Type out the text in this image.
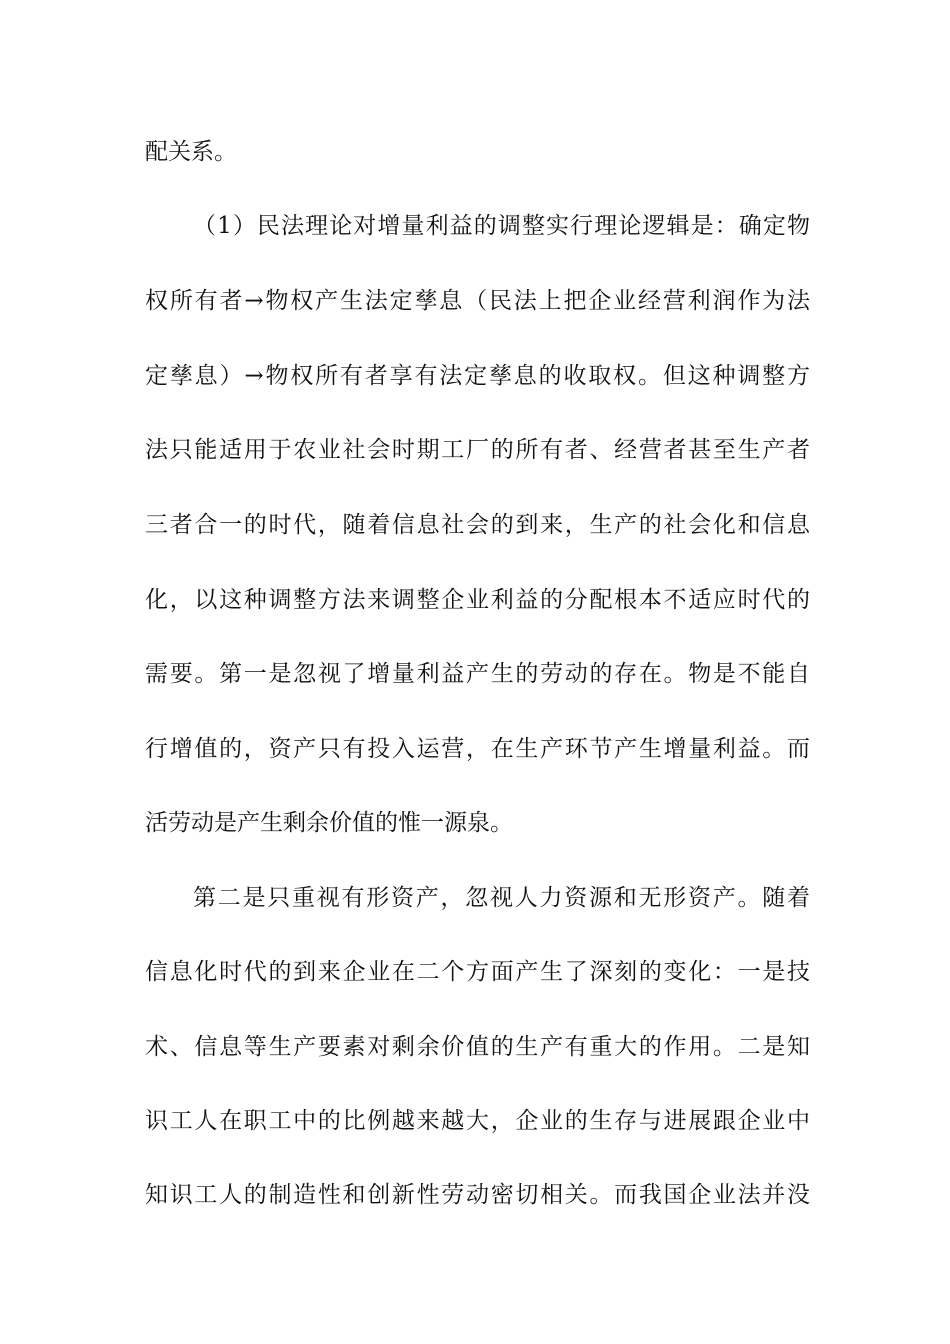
配关系。
（1）民法理论对增量利益的调整实行理论逻辑是：确定物
权所有者→物权产生法定孳息（民法上把企业经营利润作为法
定孳息）→物权所有者享有法定孳息的收取权。但这种调整方
法只能适用于农业社会时期工厂的所有者、经营者甚至生产者
三者合一的时代，随着信息社会的到来，生产的社会化和信息
化，以这种调整方法来调整企业利益的分配根本不适应时代的
需要。第一是忽视了增量利益产生的劳动的存在。物是不能自
行增值的，资产只有投入运营，在生产环节产生增量利益。而
活劳动是产生剩余价值的惟一源泉。
第二是只重视有形资产，忽视人力资源和无形资产。随着
信息化时代的到来企业在二个方面产生了深刻的变化：一是技
术、信息等生产要素对剩余价值的生产有重大的作用。二是知
识工人在职工中的比例越来越大，企业的生存与进展跟企业中
知识工人的制造性和创新性劳动密切相关。而我国企业法并没
